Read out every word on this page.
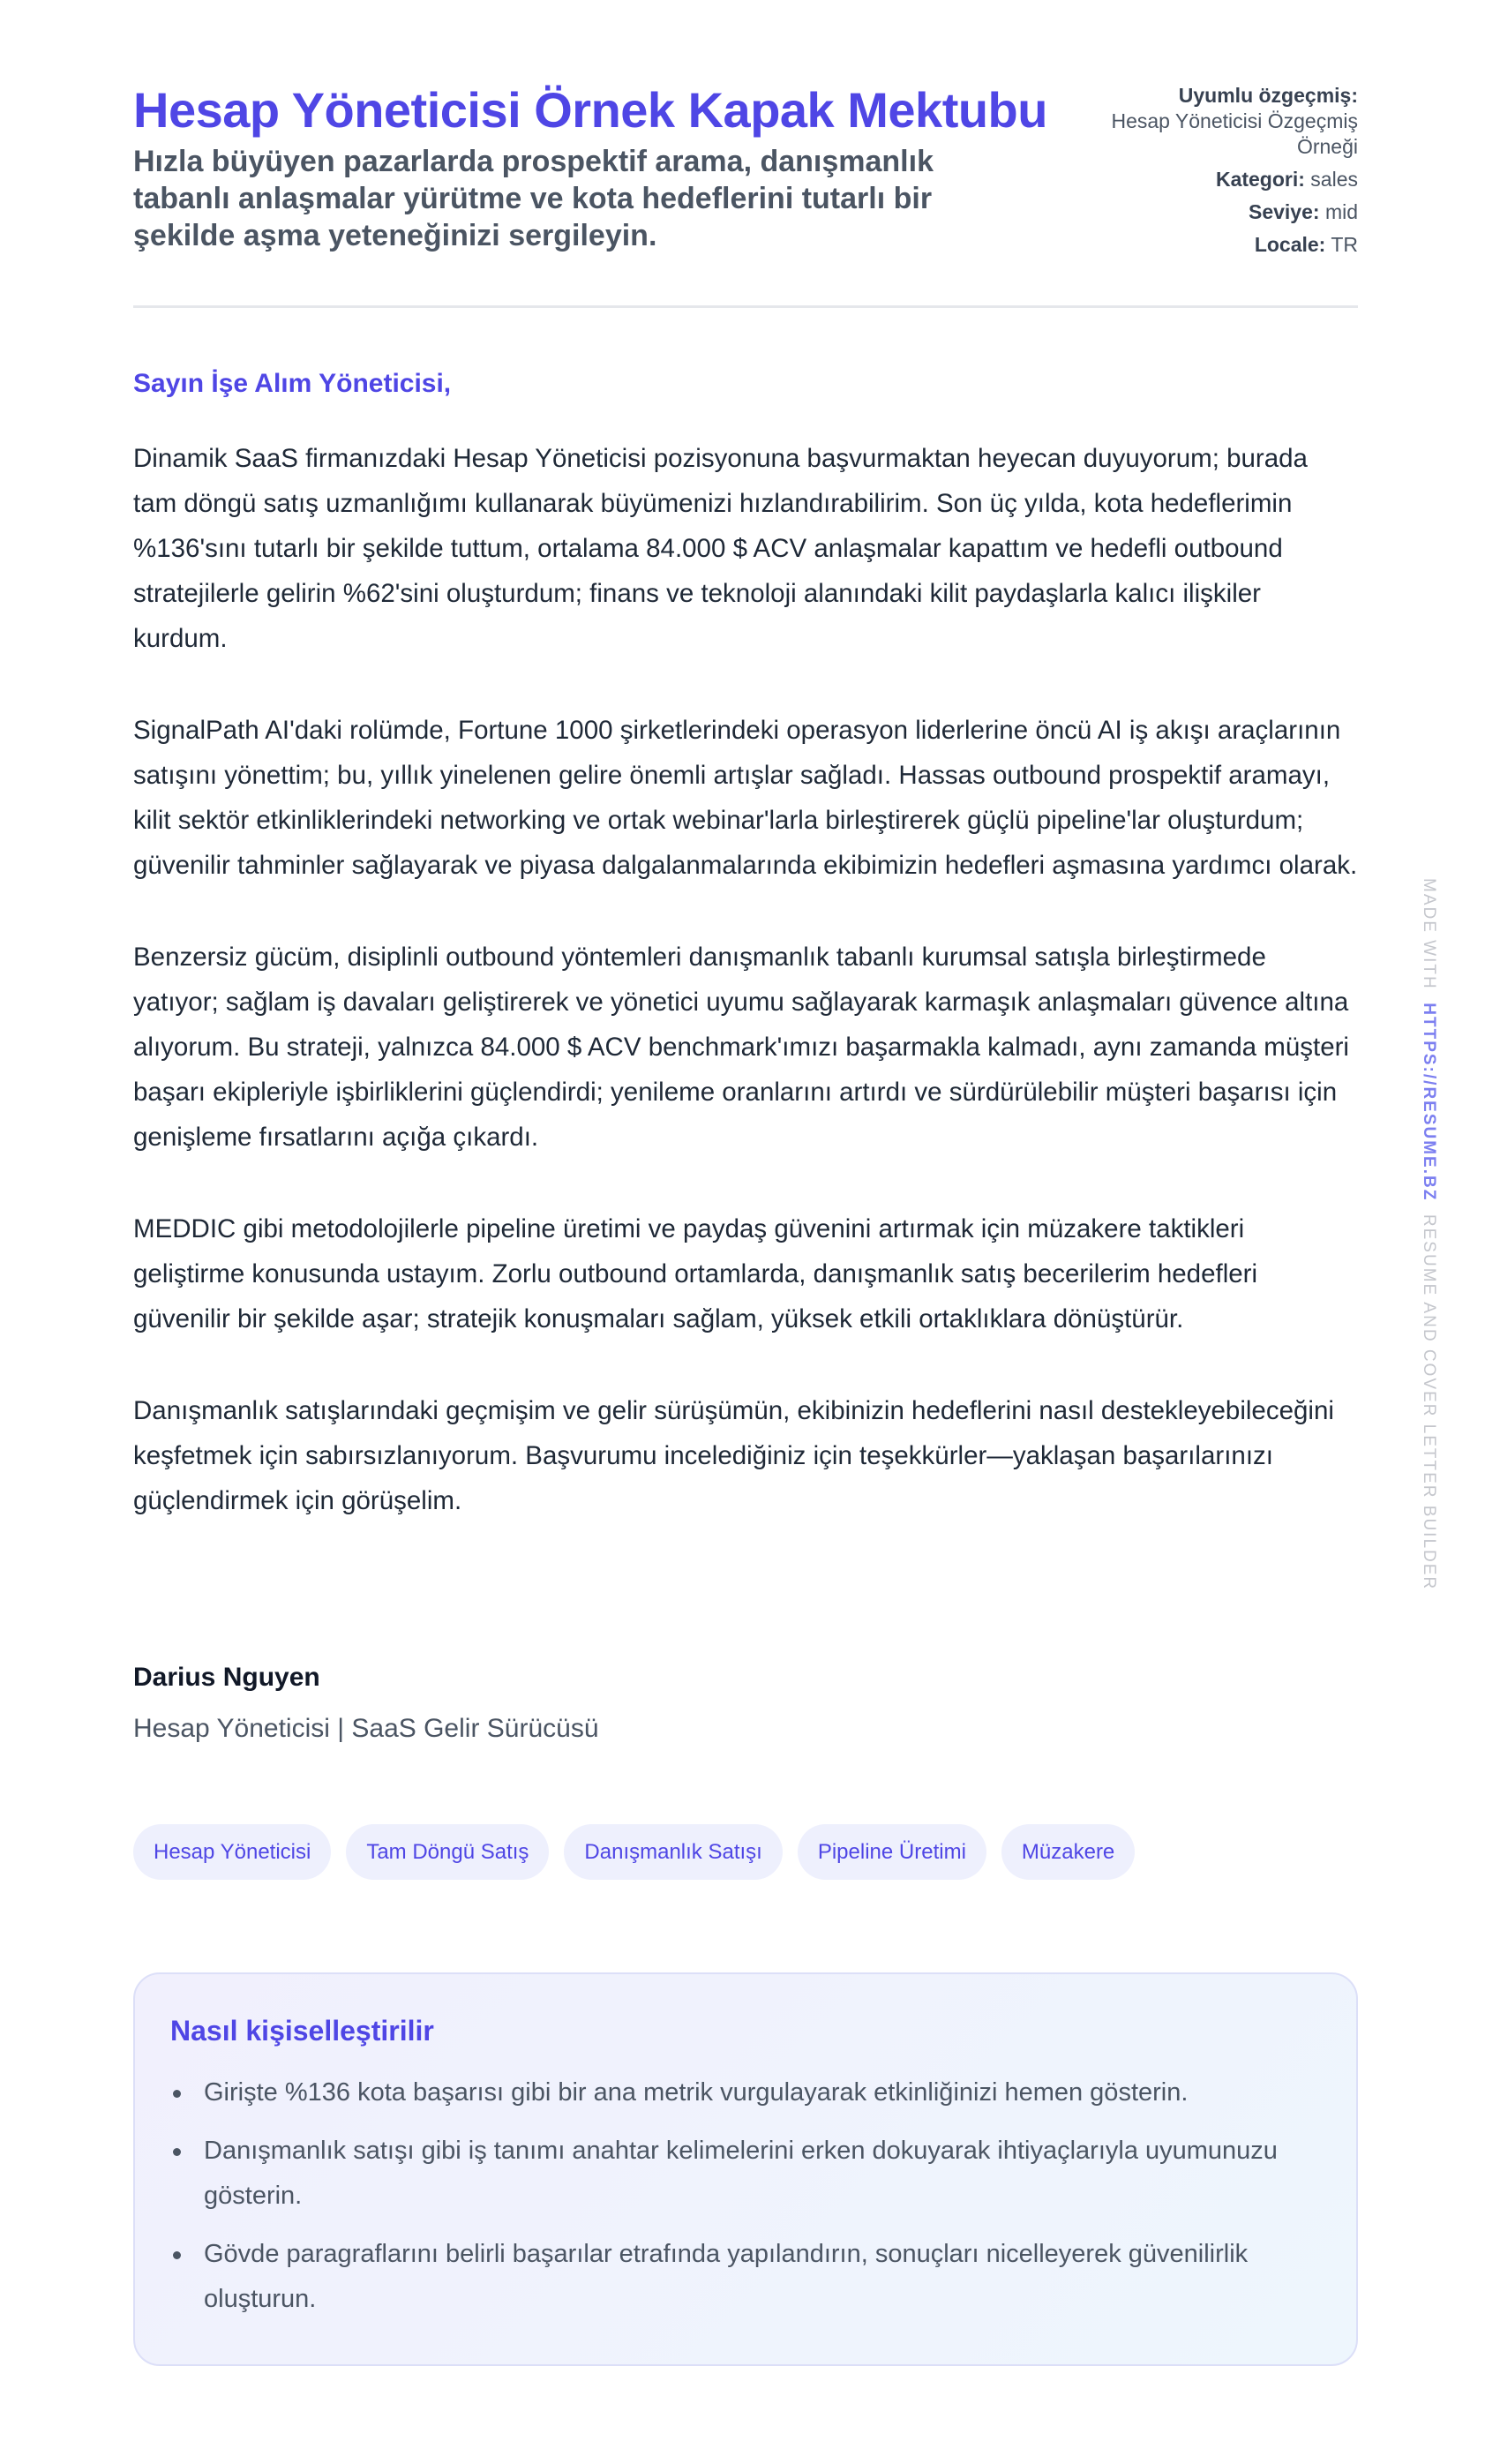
Hesap Yöneticisi Örnek Kapak Mektubu
Hızla büyüyen pazarlarda prospektif arama, danışmanlık tabanlı anlaşmalar yürütme ve kota hedeflerini tutarlı bir şekilde aşma yeteneğinizi sergileyin.
Uyumlu özgeçmiş:
Hesap Yöneticisi Özgeçmiş Örneği
Kategori: sales
Seviye: mid
Locale: TR
Sayın İşe Alım Yöneticisi,

Dinamik SaaS firmanızdaki Hesap Yöneticisi pozisyonuna başvurmaktan heyecan duyuyorum; burada tam döngü satış uzmanlığımı kullanarak büyümenizi hızlandırabilirim. Son üç yılda, kota hedeflerimin %136'sını tutarlı bir şekilde tuttum, ortalama 84.000 $ ACV anlaşmalar kapattım ve hedefli outbound stratejilerle gelirin %62'sini oluşturdum; finans ve teknoloji alanındaki kilit paydaşlarla kalıcı ilişkiler kurdum.

SignalPath AI'daki rolümde, Fortune 1000 şirketlerindeki operasyon liderlerine öncü AI iş akışı araçlarının satışını yönettim; bu, yıllık yinelenen gelire önemli artışlar sağladı. Hassas outbound prospektif aramayı, kilit sektör etkinliklerindeki networking ve ortak webinar'larla birleştirerek güçlü pipeline'lar oluşturdum; güvenilir tahminler sağlayarak ve piyasa dalgalanmalarında ekibimizin hedefleri aşmasına yardımcı olarak.

Benzersiz gücüm, disiplinli outbound yöntemleri danışmanlık tabanlı kurumsal satışla birleştirmede yatıyor; sağlam iş davaları geliştirerek ve yönetici uyumu sağlayarak karmaşık anlaşmaları güvence altına alıyorum. Bu strateji, yalnızca 84.000 $ ACV benchmark'ımızı başarmakla kalmadı, aynı zamanda müşteri başarı ekipleriyle işbirliklerini güçlendirdi; yenileme oranlarını artırdı ve sürdürülebilir müşteri başarısı için genişleme fırsatlarını açığa çıkardı.

MEDDIC gibi metodolojilerle pipeline üretimi ve paydaş güvenini artırmak için müzakere taktikleri geliştirme konusunda ustayım. Zorlu outbound ortamlarda, danışmanlık satış becerilerim hedefleri güvenilir bir şekilde aşar; stratejik konuşmaları sağlam, yüksek etkili ortaklıklara dönüştürür.

Danışmanlık satışlarındaki geçmişim ve gelir sürüşümün, ekibinizin hedeflerini nasıl destekleyebileceğini keşfetmek için sabırsızlanıyorum. Başvurumu incelediğiniz için teşekkürler—yaklaşan başarılarınızı güçlendirmek için görüşelim.

Darius Nguyen
Hesap Yöneticisi | SaaS Gelir Sürücüsü
Hesap Yöneticisi	Tam Döngü Satış	Danışmanlık Satışı	Pipeline Üretimi	Müzakere
Nasıl kişiselleştirilir
Girişte %136 kota başarısı gibi bir ana metrik vurgulayarak etkinliğinizi hemen gösterin.
Danışmanlık satışı gibi iş tanımı anahtar kelimelerini erken dokuyarak ihtiyaçlarıyla uyumunuzu gösterin.
Gövde paragraflarını belirli başarılar etrafında yapılandırın, sonuçları nicelleyerek güvenilirlik oluşturun.
MADE WITH  HTTPS://RESUME.BZ  RESUME AND COVER LETTER BUILDER
